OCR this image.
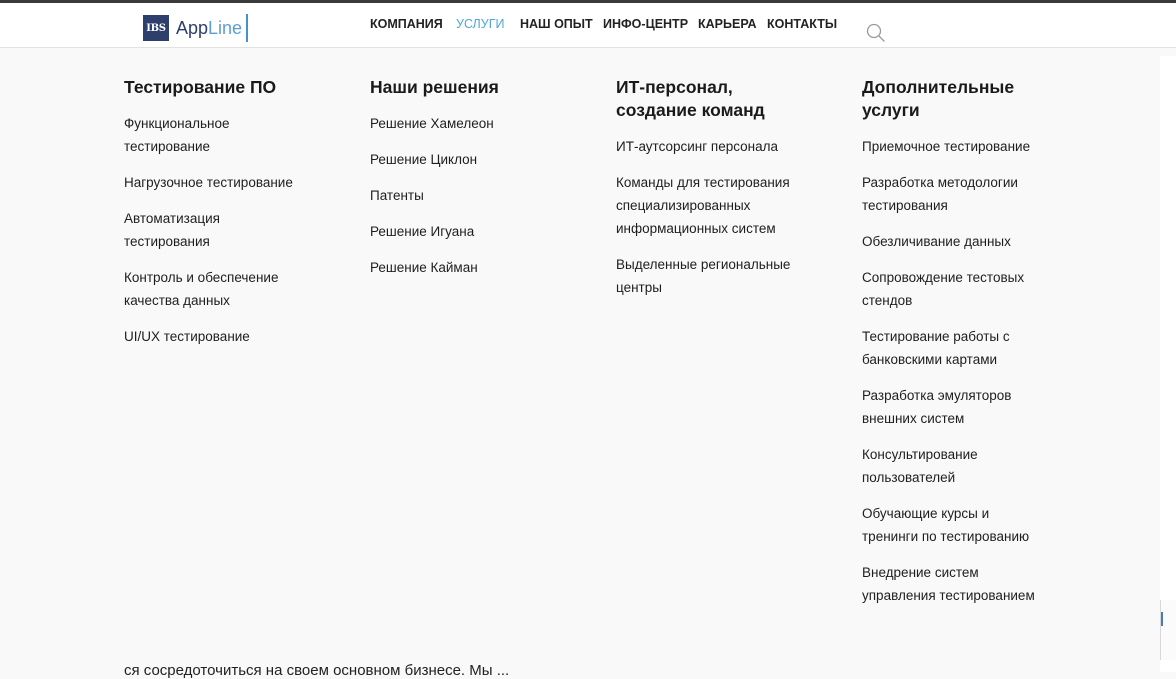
IBS App Line	КОМПАНИЯ УСЛУГИ НАШ ОПЫТ ИНФО-ЦЕНТР КАРЬЕРА КОНТАКТЫ
Тестирование ПО
Функциональное
тестирование
Нагрузочное тестирование
Автоматизация
тестирования
Контроль и обеспечение
качества данных
UI/UX тестирование
Наши решения
Решение Хамелеон
Решение Циклон
Патенты
Решение Игуана
Решение Кайман
ИТ-персонал,
создание команд
ИТ-аутсорсинг персонала
Команды для тестирования
специализированных
информационных систем
Выделенные региональные
центры
Дополнительные
услуги
Приемочное тестирование
Разработка методологии
тестирования
Обезличивание данных
Сопровождение тестовых
стендов
Тестирование работы с
банковскими картами
Разработка эмуляторов
внешних систем
Консультирование
пользователей
Обучающие курсы и
тренинги по тестированию
Внедрение систем
управления тестированием
ся сосредоточиться на своем основном бизнесе. Мы ...
